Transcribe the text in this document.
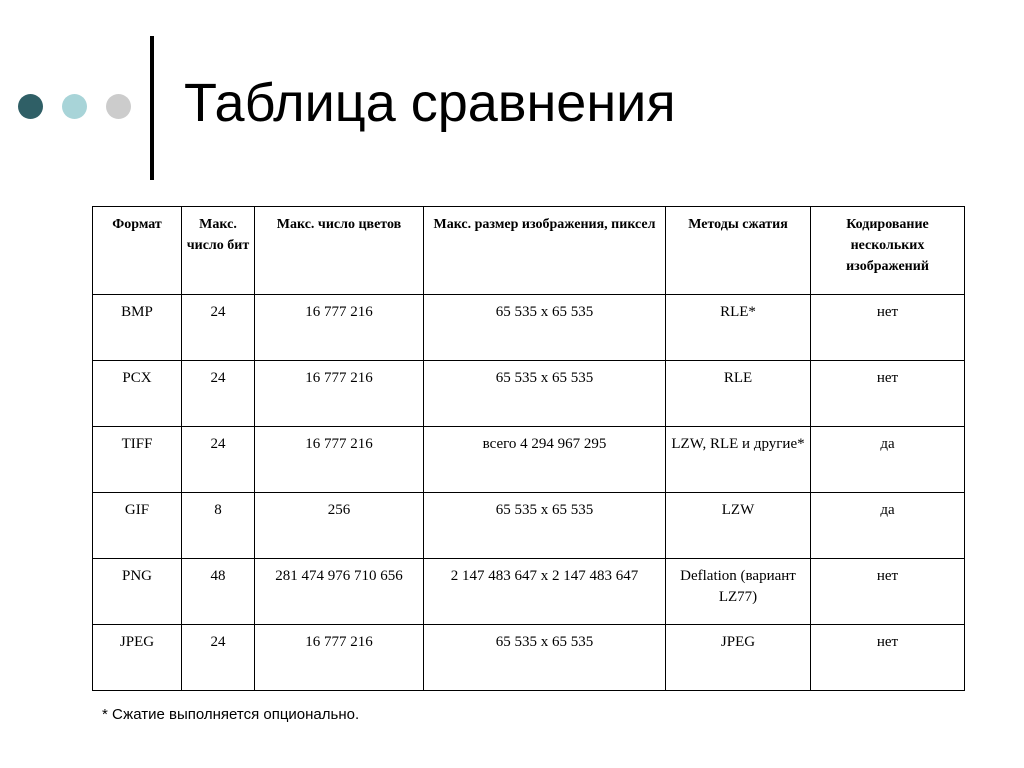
Таблица сравнения
Формат	Макс. число бит	Макс. число цветов	Макс. размер изображения, пиксел	Методы сжатия	Кодирование нескольких изображений
BMP	24	16 777 216	65 535 x 65 535	RLE*	нет
PCX	24	16 777 216	65 535 x 65 535	RLE	нет
TIFF	24	16 777 216	всего 4 294 967 295	LZW, RLE и другие*	да
GIF	8	256	65 535 x 65 535	LZW	да
PNG	48	281 474 976 710 656	2 147 483 647 x 2 147 483 647	Deflation (вариант LZ77)	нет
JPEG	24	16 777 216	65 535 x 65 535	JPEG	нет
* Сжатие выполняется опционально.
